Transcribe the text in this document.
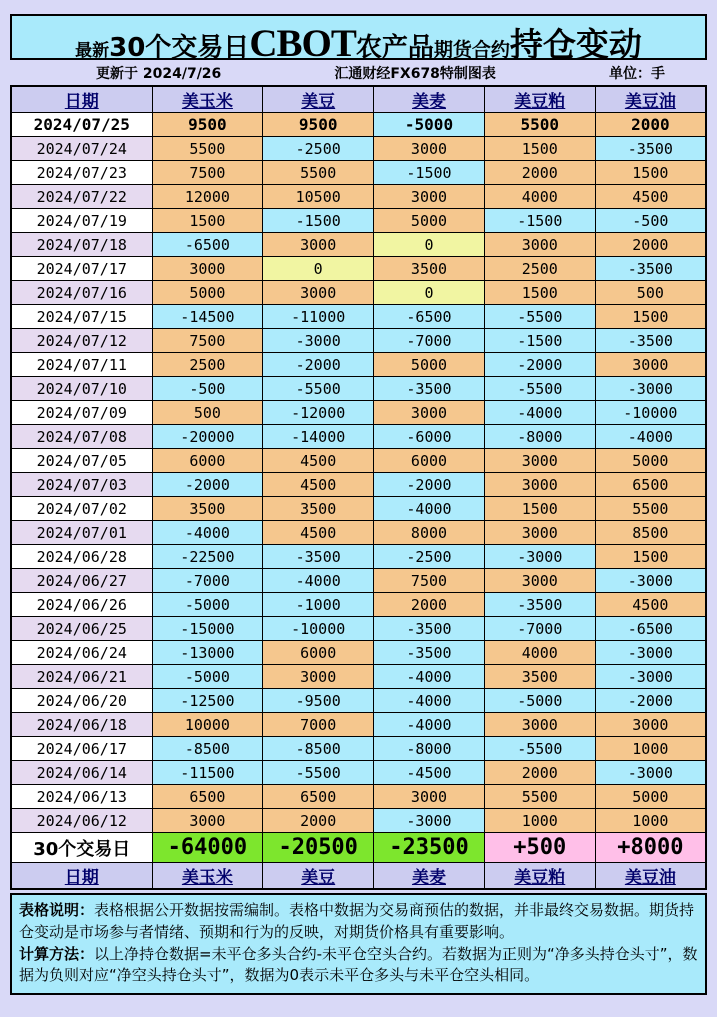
最新 30个交易日 CBOT 农产品 期货合约 持仓变动
更新于 2024/7/26	汇通财经FX678特制图表	单位：手
日期	美玉米	美豆	美麦	美豆粕	美豆油
2024/07/25	9500	9500	-5000	5500	2000
2024/07/24	5500	-2500	3000	1500	-3500
2024/07/23	7500	5500	-1500	2000	1500
2024/07/22	12000	10500	3000	4000	4500
2024/07/19	1500	-1500	5000	-1500	-500
2024/07/18	-6500	3000	0	3000	2000
2024/07/17	3000	0	3500	2500	-3500
2024/07/16	5000	3000	0	1500	500
2024/07/15	-14500	-11000	-6500	-5500	1500
2024/07/12	7500	-3000	-7000	-1500	-3500
2024/07/11	2500	-2000	5000	-2000	3000
2024/07/10	-500	-5500	-3500	-5500	-3000
2024/07/09	500	-12000	3000	-4000	-10000
2024/07/08	-20000	-14000	-6000	-8000	-4000
2024/07/05	6000	4500	6000	3000	5000
2024/07/03	-2000	4500	-2000	3000	6500
2024/07/02	3500	3500	-4000	1500	5500
2024/07/01	-4000	4500	8000	3000	8500
2024/06/28	-22500	-3500	-2500	-3000	1500
2024/06/27	-7000	-4000	7500	3000	-3000
2024/06/26	-5000	-1000	2000	-3500	4500
2024/06/25	-15000	-10000	-3500	-7000	-6500
2024/06/24	-13000	6000	-3500	4000	-3000
2024/06/21	-5000	3000	-4000	3500	-3000
2024/06/20	-12500	-9500	-4000	-5000	-2000
2024/06/18	10000	7000	-4000	3000	3000
2024/06/17	-8500	-8500	-8000	-5500	1000
2024/06/14	-11500	-5500	-4500	2000	-3000
2024/06/13	6500	6500	3000	5500	5000
2024/06/12	3000	2000	-3000	1000	1000
30个交易日	-64000	-20500	-23500	+500	+8000
日期	美玉米	美豆	美麦	美豆粕	美豆油
表格说明：表格根据公开数据按需编制。表格中数据为交易商预估的数据，并非最终交易数据。期货持仓变动是市场参与者情绪、预期和行为的反映，对期货价格具有重要影响。
计算方法：以上净持仓数据=未平仓多头合约-未平仓空头合约。若数据为正则为“净多头持仓头寸”，数据为负则对应“净空头持仓头寸”，数据为0表示未平仓多头与未平仓空头相同。
